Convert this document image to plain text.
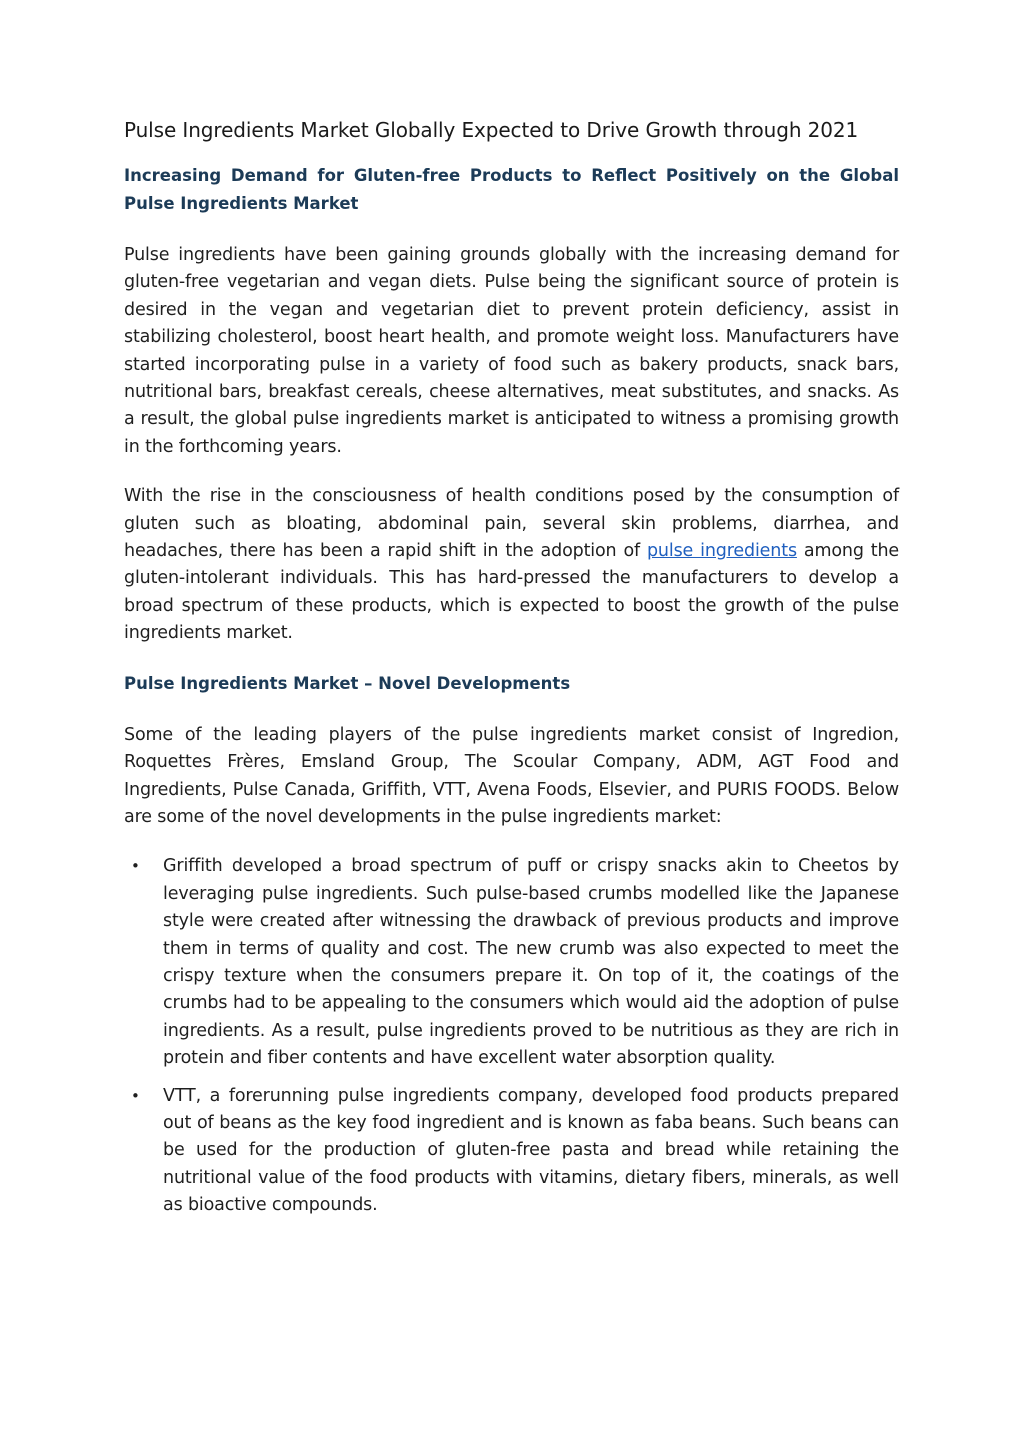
Pulse Ingredients Market Globally Expected to Drive Growth through 2021
Increasing Demand for Gluten-free Products to Reflect Positively on the Global Pulse Ingredients Market

Pulse ingredients have been gaining grounds globally with the increasing demand for gluten-free vegetarian and vegan diets. Pulse being the significant source of protein is desired in the vegan and vegetarian diet to prevent protein deficiency, assist in stabilizing cholesterol, boost heart health, and promote weight loss. Manufacturers have started incorporating pulse in a variety of food such as bakery products, snack bars, nutritional bars, breakfast cereals, cheese alternatives, meat substitutes, and snacks. As a result, the global pulse ingredients market is anticipated to witness a promising growth in the forthcoming years.

With the rise in the consciousness of health conditions posed by the consumption of gluten such as bloating, abdominal pain, several skin problems, diarrhea, and headaches, there has been a rapid shift in the adoption of pulse ingredients among the gluten-intolerant individuals. This has hard-pressed the manufacturers to develop a broad spectrum of these products, which is expected to boost the growth of the pulse ingredients market.

Pulse Ingredients Market – Novel Developments

Some of the leading players of the pulse ingredients market consist of Ingredion, Roquettes Frères, Emsland Group, The Scoular Company, ADM, AGT Food and Ingredients, Pulse Canada, Griffith, VTT, Avena Foods, Elsevier, and PURIS FOODS. Below are some of the novel developments in the pulse ingredients market:

• Griffith developed a broad spectrum of puff or crispy snacks akin to Cheetos by leveraging pulse ingredients. Such pulse-based crumbs modelled like the Japanese style were created after witnessing the drawback of previous products and improve them in terms of quality and cost. The new crumb was also expected to meet the crispy texture when the consumers prepare it. On top of it, the coatings of the crumbs had to be appealing to the consumers which would aid the adoption of pulse ingredients. As a result, pulse ingredients proved to be nutritious as they are rich in protein and fiber contents and have excellent water absorption quality.
• VTT, a forerunning pulse ingredients company, developed food products prepared out of beans as the key food ingredient and is known as faba beans. Such beans can be used for the production of gluten-free pasta and bread while retaining the nutritional value of the food products with vitamins, dietary fibers, minerals, as well as bioactive compounds.
